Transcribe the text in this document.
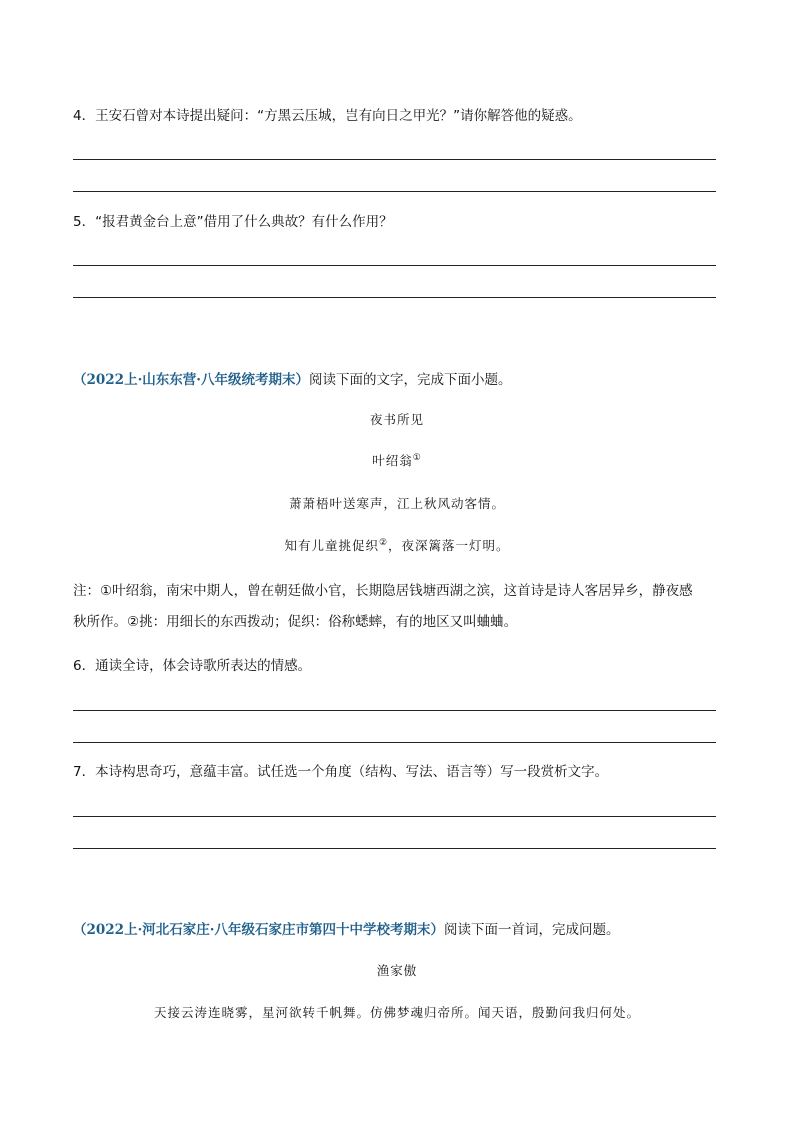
4．王安石曾对本诗提出疑问：“方黑云压城，岂有向日之甲光？”请你解答他的疑惑。
5．“报君黄金台上意”借用了什么典故？有什么作用？
（2022上·山东东营·八年级统考期末）阅读下面的文字，完成下面小题。
夜书所见
叶绍翁①
萧萧梧叶送寒声，江上秋风动客情。
知有儿童挑促织②，夜深篱落一灯明。
注：①叶绍翁，南宋中期人，曾在朝廷做小官，长期隐居钱塘西湖之滨，这首诗是诗人客居异乡，静夜感
秋所作。②挑：用细长的东西拨动；促织：俗称蟋蟀，有的地区又叫蛐蛐。
6．通读全诗，体会诗歌所表达的情感。
7．本诗构思奇巧，意蕴丰富。试任选一个角度（结构、写法、语言等）写一段赏析文字。
（2022上·河北石家庄·八年级石家庄市第四十中学校考期末）阅读下面一首词，完成问题。
渔家傲
天接云涛连晓雾，星河欲转千帆舞。仿佛梦魂归帝所。闻天语，殷勤问我归何处。
